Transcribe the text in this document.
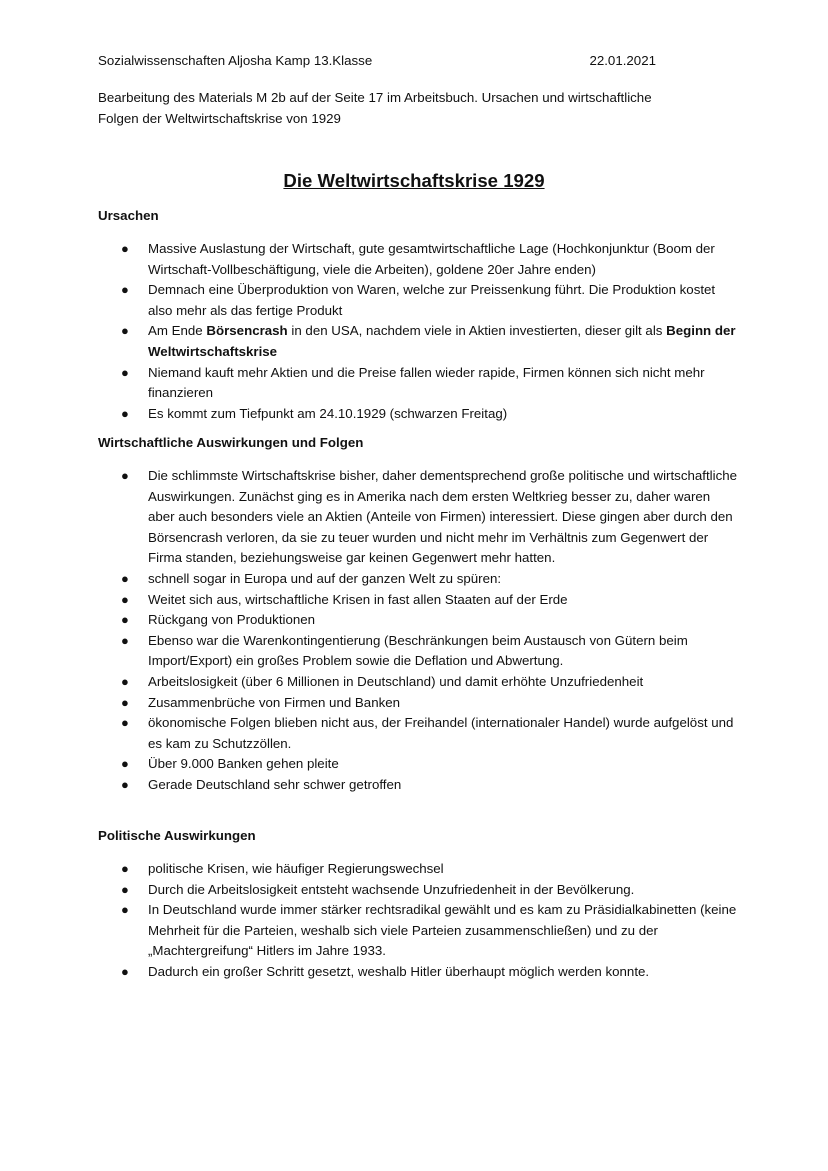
Sozialwissenschaften Aljosha Kamp 13.Klasse	22.01.2021
Bearbeitung des Materials M 2b auf der Seite 17 im Arbeitsbuch. Ursachen und wirtschaftliche
Folgen der Weltwirtschaftskrise von 1929
Die Weltwirtschaftskrise 1929
Ursachen
● Massive Auslastung der Wirtschaft, gute gesamtwirtschaftliche Lage (Hochkonjunktur (Boom der Wirtschaft-Vollbeschäftigung, viele die Arbeiten), goldene 20er Jahre enden)
● Demnach eine Überproduktion von Waren, welche zur Preissenkung führt. Die Produktion kostet also mehr als das fertige Produkt
● Am Ende Börsencrash in den USA, nachdem viele in Aktien investierten, dieser gilt als Beginn der Weltwirtschaftskrise
● Niemand kauft mehr Aktien und die Preise fallen wieder rapide, Firmen können sich nicht mehr finanzieren
● Es kommt zum Tiefpunkt am 24.10.1929 (schwarzen Freitag)
Wirtschaftliche Auswirkungen und Folgen
● Die schlimmste Wirtschaftskrise bisher, daher dementsprechend große politische und wirtschaftliche Auswirkungen. Zunächst ging es in Amerika nach dem ersten Weltkrieg besser zu, daher waren aber auch besonders viele an Aktien (Anteile von Firmen) interessiert. Diese gingen aber durch den Börsencrash verloren, da sie zu teuer wurden und nicht mehr im Verhältnis zum Gegenwert der Firma standen, beziehungsweise gar keinen Gegenwert mehr hatten.
● schnell sogar in Europa und auf der ganzen Welt zu spüren:
● Weitet sich aus, wirtschaftliche Krisen in fast allen Staaten auf der Erde
● Rückgang von Produktionen
● Ebenso war die Warenkontingentierung (Beschränkungen beim Austausch von Gütern beim Import/Export) ein großes Problem sowie die Deflation und Abwertung.
● Arbeitslosigkeit (über 6 Millionen in Deutschland) und damit erhöhte Unzufriedenheit
● Zusammenbrüche von Firmen und Banken
● ökonomische Folgen blieben nicht aus, der Freihandel (internationaler Handel) wurde aufgelöst und es kam zu Schutzzöllen.
● Über 9.000 Banken gehen pleite
● Gerade Deutschland sehr schwer getroffen
Politische Auswirkungen
● politische Krisen, wie häufiger Regierungswechsel
● Durch die Arbeitslosigkeit entsteht wachsende Unzufriedenheit in der Bevölkerung.
● In Deutschland wurde immer stärker rechtsradikal gewählt und es kam zu Präsidialkabinetten (keine Mehrheit für die Parteien, weshalb sich viele Parteien zusammenschließen) und zu der „Machtergreifung“ Hitlers im Jahre 1933.
● Dadurch ein großer Schritt gesetzt, weshalb Hitler überhaupt möglich werden konnte.
